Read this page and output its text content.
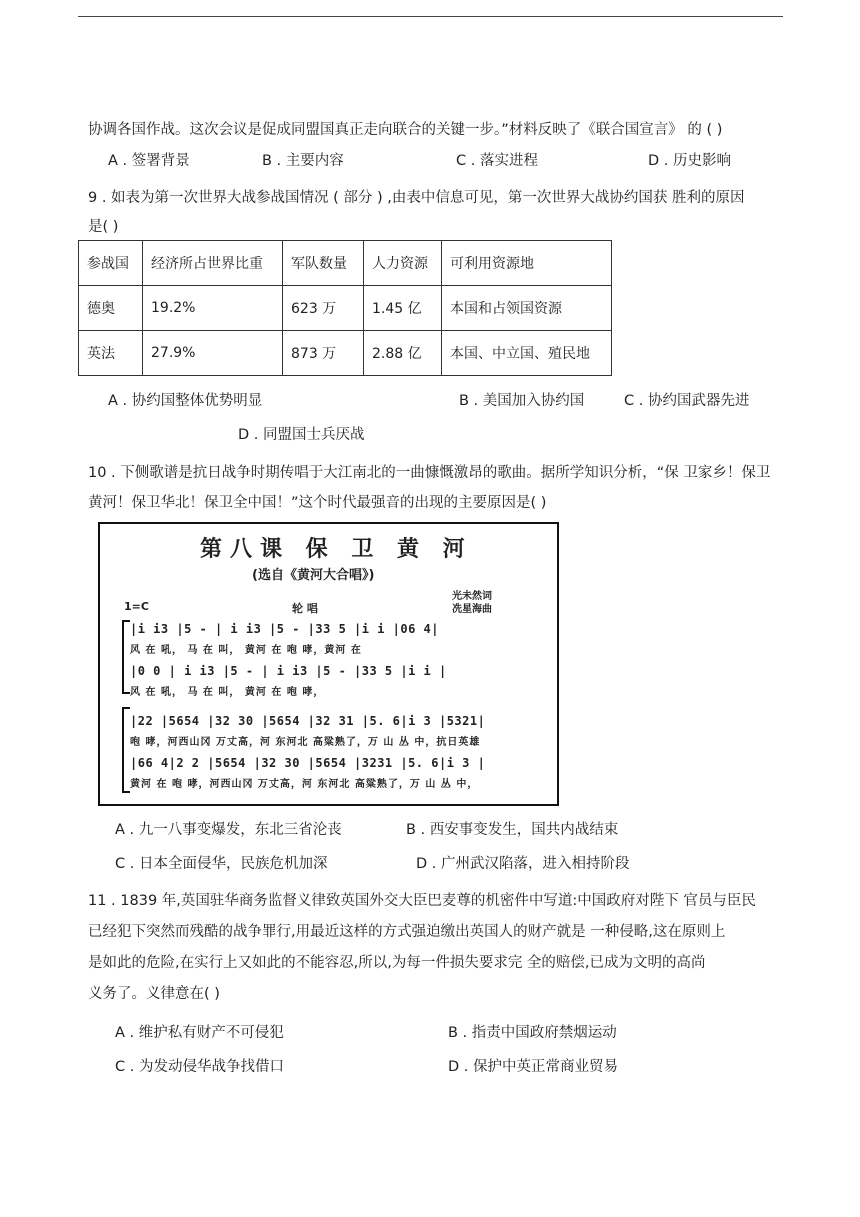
协调各国作战。这次会议是促成同盟国真正走向联合的关键一步。”材料反映了《联合国宣言》 的 ( )
A . 签署背景	B . 主要内容	C . 落实进程	D . 历史影响
9 . 如表为第一次世界大战参战国情况 ( 部分 ) ,由表中信息可见，第一次世界大战协约国获 胜利的原因
是( )
参战国	经济所占世界比重	军队数量	人力资源	可利用资源地
德奥	19.2%	623 万	1.45 亿	本国和占领国资源
英法	27.9%	873 万	2.88 亿	本国、中立国、殖民地
A . 协约国整体优势明显	B . 美国加入协约国	C . 协约国武器先进
D . 同盟国士兵厌战
10 . 下侧歌谱是抗日战争时期传唱于大江南北的一曲慷慨激昂的歌曲。据所学知识分析，“保 卫家乡！保卫
黄河！保卫华北！保卫全中国！”这个时代最强音的出现的主要原因是( )
第八课 保 卫 黄 河
(选自《黄河大合唱》)
1=C	轮 唱
光未然词
冼星海曲
|i i3 |5 - | i i3 |5 - |33 5 |i i |06 4|
风 在 吼， 马 在 叫， 黄河 在 咆 哮，黄河 在
|0 0 | i i3 |5 - | i i3 |5 - |33 5 |i i |
风 在 吼， 马 在 叫， 黄河 在 咆 哮，
|22 |5654 |32 30 |5654 |32 31 |5. 6|i 3 |5321|
咆 哮，河西山冈 万丈高，河 东河北 高粱熟了，万 山 丛 中，抗日英雄
|66 4|2 2 |5654 |32 30 |5654 |3231 |5. 6|i 3 |
黄河 在 咆 哮，河西山冈 万丈高，河 东河北 高粱熟了，万 山 丛 中，
A . 九一八事变爆发，东北三省沦丧	B . 西安事变发生，国共内战结束
C . 日本全面侵华，民族危机加深	D . 广州武汉陷落，进入相持阶段
11 . 1839 年,英国驻华商务监督义律致英国外交大臣巴麦尊的机密件中写道:中国政府对陛下 官员与臣民
已经犯下突然而残酷的战争罪行,用最近这样的方式强迫缴出英国人的财产就是 一种侵略,这在原则上
是如此的危险,在实行上又如此的不能容忍,所以,为每一件损失要求完 全的赔偿,已成为文明的高尚
义务了。义律意在( )
A . 维护私有财产不可侵犯	B . 指责中国政府禁烟运动
C . 为发动侵华战争找借口	D . 保护中英正常商业贸易
